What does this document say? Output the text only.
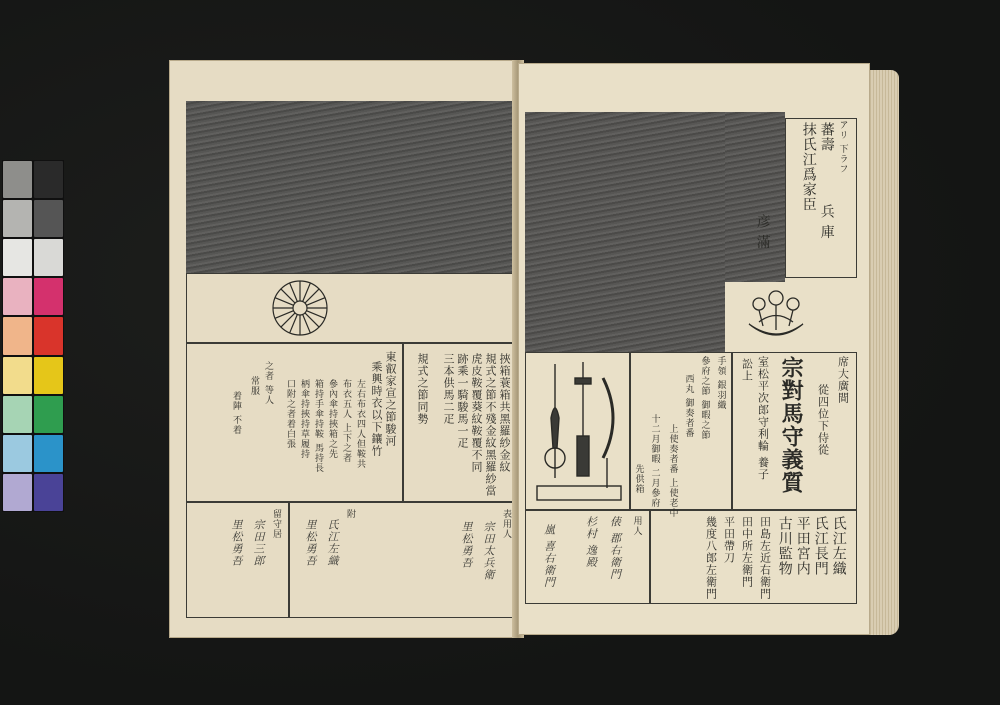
挾箱蓑箱共黑羅紗金紋
規式之節不殘金紋黑羅紗當
虎皮鞍覆葵紋鞍覆不同
跡乘一騎駿馬一疋
三本供馬二疋
規式之節同勢
東叡家宣之節駿河
乘興時衣以下鑲竹
左右布衣四人但鞍共
布衣五人 上下之者
參內傘持挾箱之先
箱持手傘持鞍 馬持長
柄傘持挾持草履持
口附之者着白張
之者 等人
常服
着陣 不着
表用人
宗田太兵衛
里松勇吾
附
氏江左織
里松勇吾
留守居
宗田三郎
里松勇吾
アリ 下ラフ
蕃壽
抹氏江爲家臣
兵 庫
彦 滿
席大廣間
從四位下侍從
宗對馬守義質
室松平次郎守利輪 養子
訟上
手領 銀羽織
參府之節 御暇之節
西丸 御奏者番
上使奏者番 上使老中
十二月御暇 二月參府
先供箱
氏江左織
氏江長門
平田宮内
古川監物
田島左近右衛門
田中所左衛門
平田帶刀
幾度八郎左衛門
用人
俵 郡右衛門
杉村 逸殿
嵐 喜右衛門
